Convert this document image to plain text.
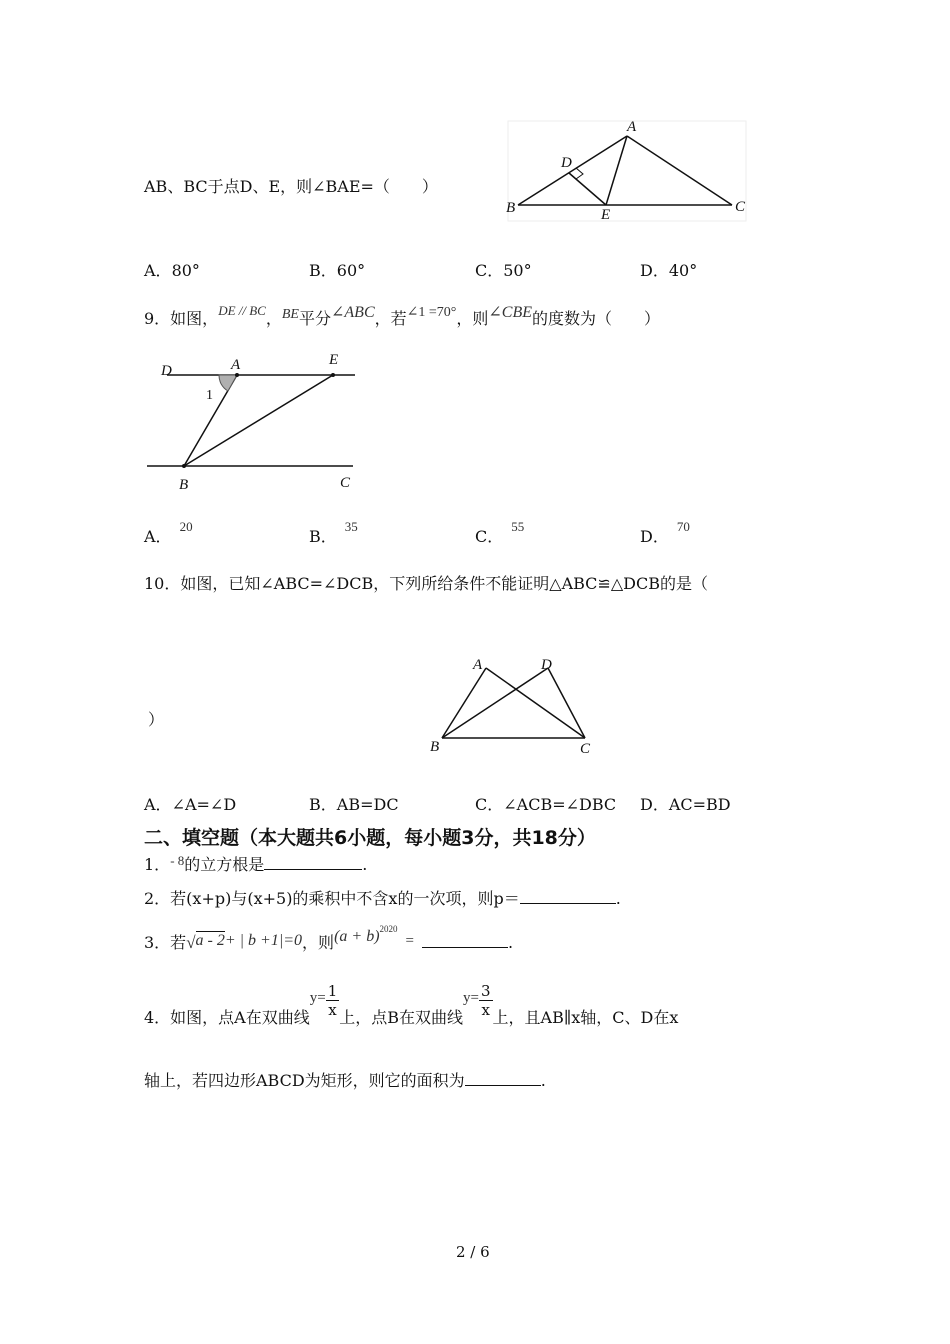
AB、BC于点D、E，则∠BAE=（　　）
A
D
B	E	C
A．80°	B．60°	C．50°	D．40°
9．如图，$^{DE // BC}$，BE平分∠ABC，若∠1 =70°，则∠CBE的度数为（　　）
D	A	E
1
B	C
A．$^{20}$
B．$^{35}$
C．$^{55}$
D．$^{70}$
10．如图，已知∠ABC=∠DCB，下列所给条件不能证明△ABC≌△DCB的是（
）
A	D
B	C
A．∠A=∠D	B．AB=DC	C．∠ACB=∠DBC D．AC=BD
二、填空题（本大题共6小题，每小题3分，共18分）
1．$^{- 8}$的立方根是	.
2．若(x+p)与(x+5)的乘积中不含x的一次项，则p＝	.
3．若√a - 2+ | b +1|=0，则$(a + b)^{2020}=$	.
4．如图，点A在双曲线$y= \frac{1}{x}$ 上，点B在双曲线$y= \frac{3}{x}$ 上，且AB∥x轴，C、D在x
轴上，若四边形ABCD为矩形，则它的面积为	.
2 / 6
